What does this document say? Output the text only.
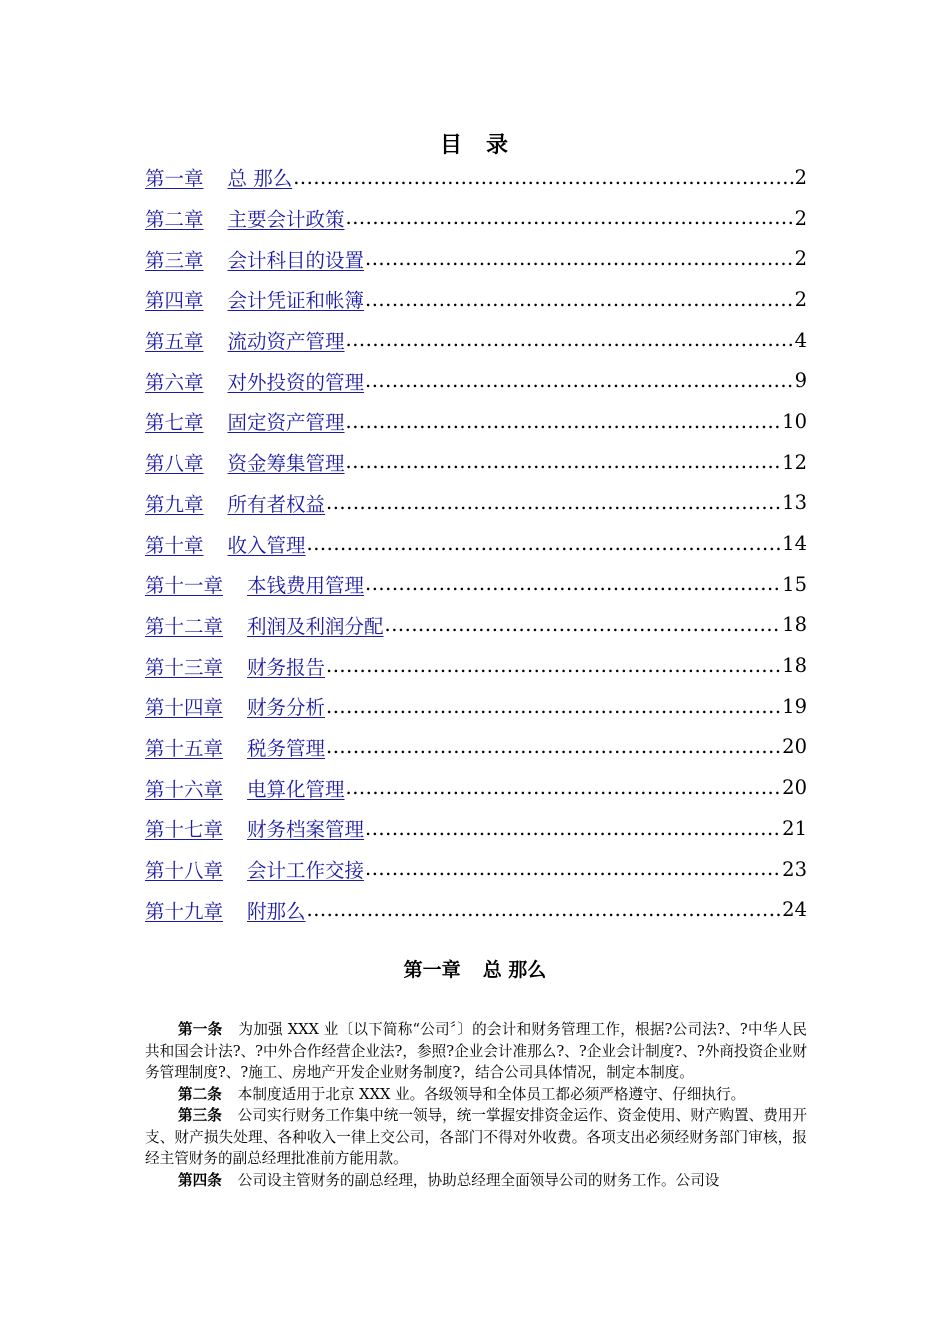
目 录
第一章 总 那么 .....	2
第二章 主要会计政策 .....	2
第三章 会计科目的设置 .....	2
第四章 会计凭证和帐簿 .....	2
第五章 流动资产管理 .....	4
第六章 对外投资的管理 .....	9
第七章 固定资产管理 .....	10
第八章 资金筹集管理 .....	12
第九章 所有者权益 .....	13
第十章 收入管理 .....	14
第十一章 本钱费用管理 .....	15
第十二章 利润及利润分配 .....	18
第十三章 财务报告 .....	18
第十四章 财务分析 .....	19
第十五章 税务管理 .....	20
第十六章 电算化管理 .....	20
第十七章 财务档案管理 .....	21
第十八章 会计工作交接 .....	23
第十九章 附那么 .....	24
第一章 总 那么

第一条 为加强 XXX 业〔以下简称“公司〞〕的会计和财务管理工作，根据?公司法?、?中华人民共和国会计法?、?中外合作经营企业法?，参照?企业会计准那么?、?企业会计制度?、?外商投资企业财务管理制度?、?施工、房地产开发企业财务制度?，结合公司具体情况，制定本制度。

第二条 本制度适用于北京 XXX 业。各级领导和全体员工都必须严格遵守、仔细执行。

第三条 公司实行财务工作集中统一领导，统一掌握安排资金运作、资金使用、财产购置、费用开支、财产损失处理、各种收入一律上交公司，各部门不得对外收费。各项支出必须经财务部门审核，报经主管财务的副总经理批准前方能用款。

第四条 公司设主管财务的副总经理，协助总经理全面领导公司的财务工作。公司设
